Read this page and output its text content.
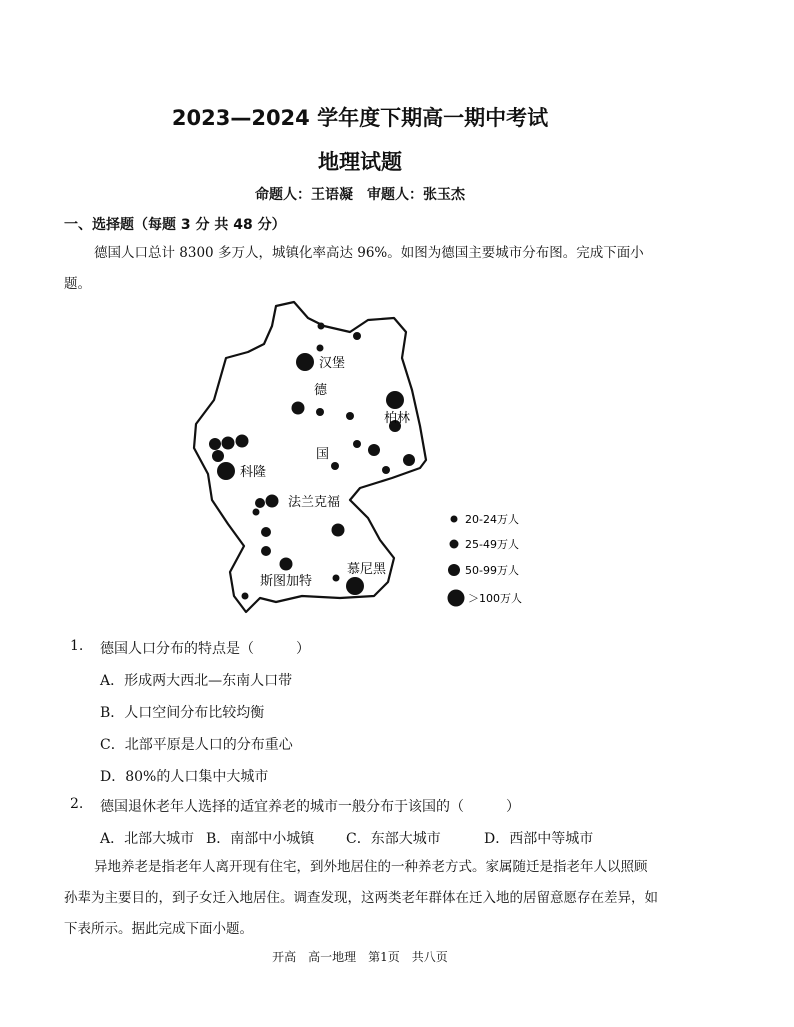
2023—2024 学年度下期高一期中考试
地理试题
命题人：王语凝　审题人：张玉杰
一、选择题（每题 3 分 共 48 分）
德国人口总计 8300 多万人，城镇化率高达 96%。如图为德国主要城市分布图。完成下面小题。
汉堡
德
柏林
国
科隆
法兰克福
慕尼黑
斯图加特
20-24万人
25-49万人
50-99万人
＞100万人
1. 德国人口分布的特点是（　　　）
A．形成两大西北—东南人口带
B．人口空间分布比较均衡
C．北部平原是人口的分布重心
D．80%的人口集中大城市
2. 德国退休老年人选择的适宜养老的城市一般分布于该国的（　　　）
A．北部大城市 B．南部中小城镇 C．东部大城市	D．西部中等城市
异地养老是指老年人离开现有住宅，到外地居住的一种养老方式。家属随迁是指老年人以照顾孙辈为主要目的，到子女迁入地居住。调查发现，这两类老年群体在迁入地的居留意愿存在差异，如下表所示。据此完成下面小题。
开高　高一地理　第1页　共八页
